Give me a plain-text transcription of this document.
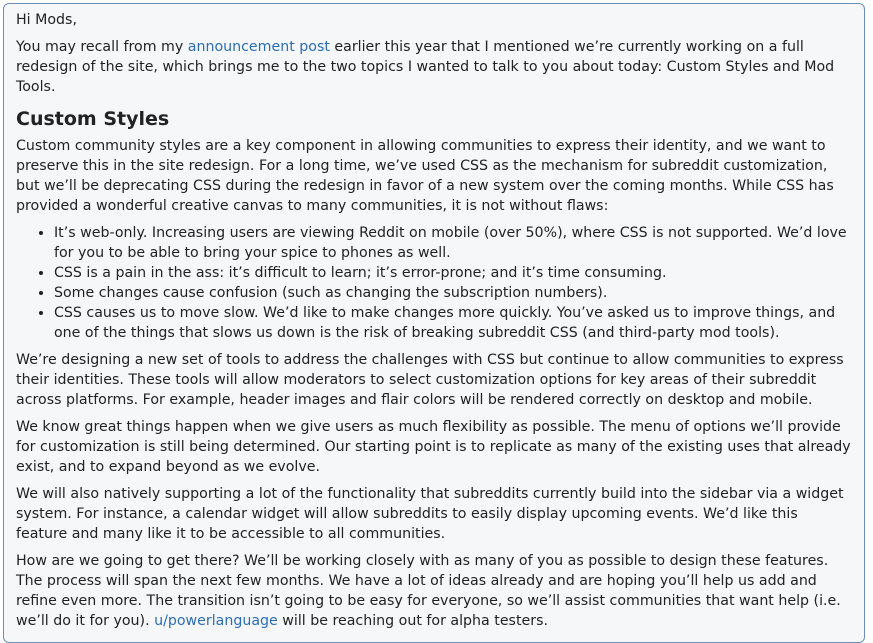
Hi Mods,

You may recall from my announcement post earlier this year that I mentioned we’re currently working on a full redesign of the site, which brings me to the two topics I wanted to talk to you about today: Custom Styles and Mod Tools.

Custom Styles

Custom community styles are a key component in allowing communities to express their identity, and we want to preserve this in the site redesign. For a long time, we’ve used CSS as the mechanism for subreddit customization, but we’ll be deprecating CSS during the redesign in favor of a new system over the coming months. While CSS has provided a wonderful creative canvas to many communities, it is not without flaws:

• It’s web-only. Increasing users are viewing Reddit on mobile (over 50%), where CSS is not supported. We’d love for you to be able to bring your spice to phones as well.
• CSS is a pain in the ass: it’s difficult to learn; it’s error-prone; and it’s time consuming.
• Some changes cause confusion (such as changing the subscription numbers).
• CSS causes us to move slow. We’d like to make changes more quickly. You’ve asked us to improve things, and one of the things that slows us down is the risk of breaking subreddit CSS (and third-party mod tools).

We’re designing a new set of tools to address the challenges with CSS but continue to allow communities to express their identities. These tools will allow moderators to select customization options for key areas of their subreddit across platforms. For example, header images and flair colors will be rendered correctly on desktop and mobile.

We know great things happen when we give users as much flexibility as possible. The menu of options we’ll provide for customization is still being determined. Our starting point is to replicate as many of the existing uses that already exist, and to expand beyond as we evolve.

We will also natively supporting a lot of the functionality that subreddits currently build into the sidebar via a widget system. For instance, a calendar widget will allow subreddits to easily display upcoming events. We’d like this feature and many like it to be accessible to all communities.

How are we going to get there? We’ll be working closely with as many of you as possible to design these features. The process will span the next few months. We have a lot of ideas already and are hoping you’ll help us add and refine even more. The transition isn’t going to be easy for everyone, so we’ll assist communities that want help (i.e. we’ll do it for you). u/powerlanguage will be reaching out for alpha testers.
